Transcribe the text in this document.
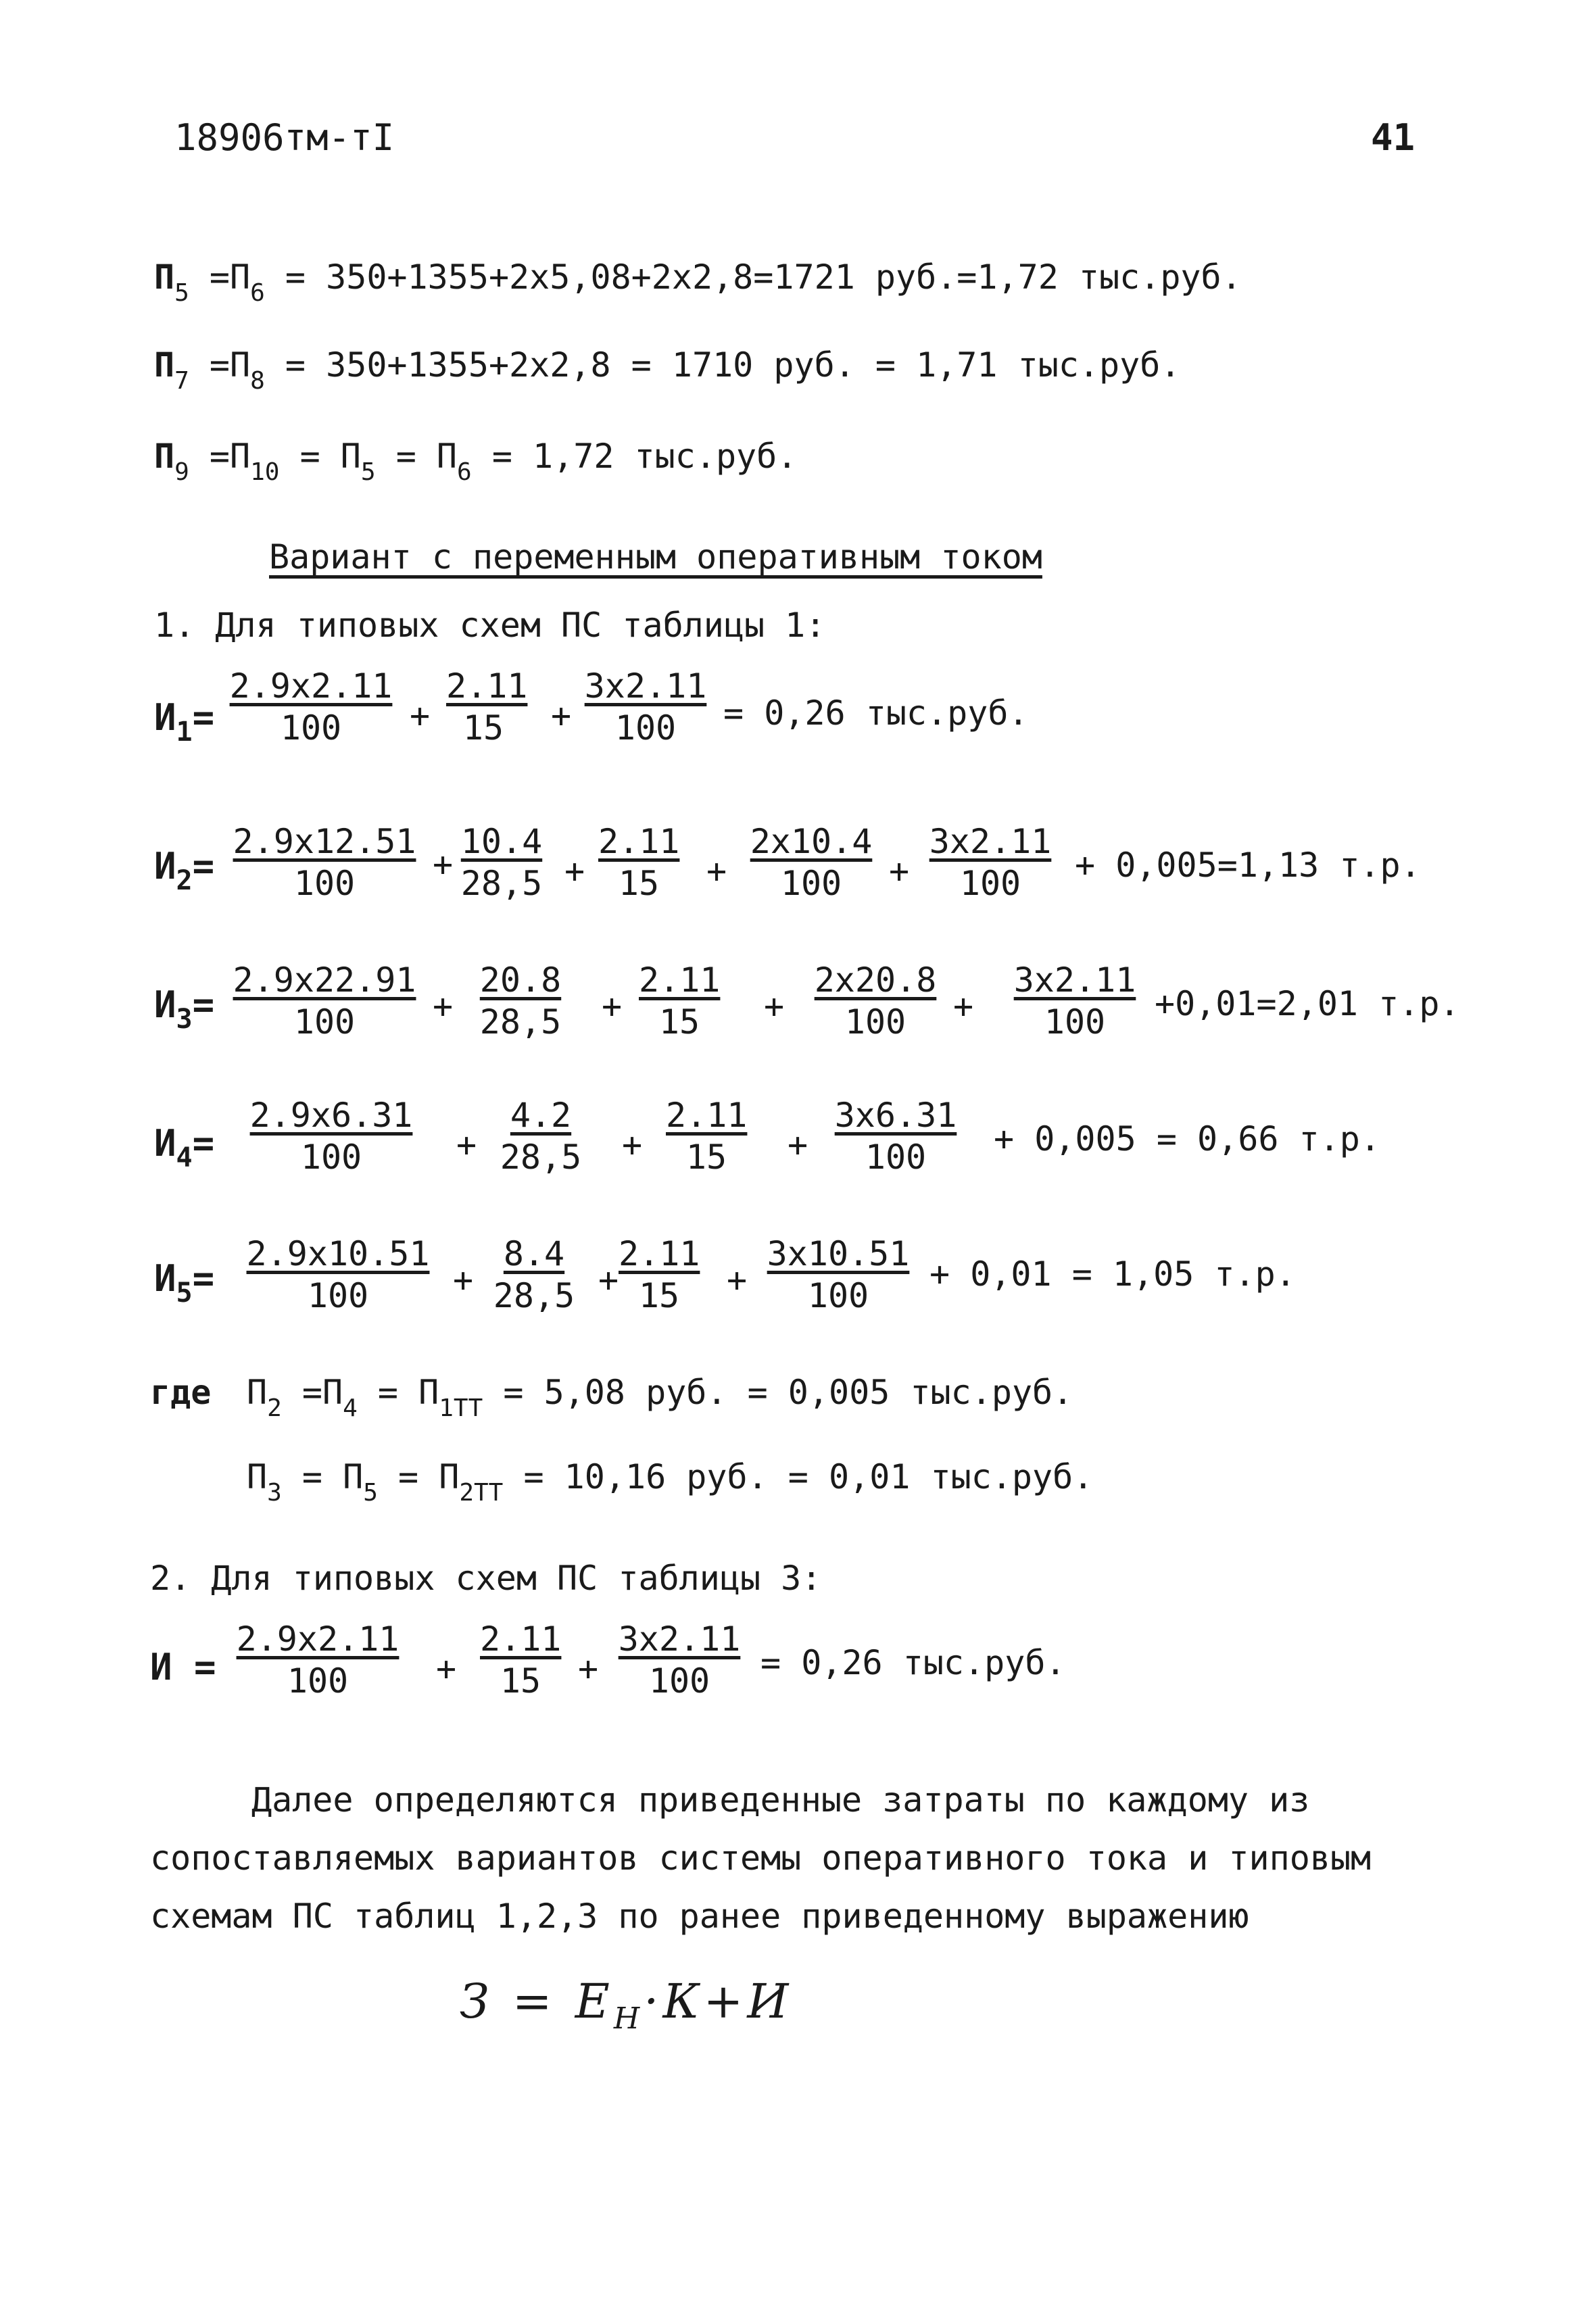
18906тм-тI	41
$П_5 =П_6 = 350+1355+2x5,08+2x2,8=1721$ руб.=1,72 тыс.руб.
$П_7 =П_8 = 350+1355+2x2,8 = 1710$ руб. = 1,71 тыс.руб.
$П_9 =П_{10} = П_5 = П_6 = 1,72$ тыс.руб.
Вариант с переменным оперативным током
1. Для типовых схем ПС таблицы 1:
$И_1= \frac{2.9x2.11}{100} + \frac{2.11}{15} + \frac{3x2.11}{100} = 0,26$ тыс.руб.
$И_2= \frac{2.9x12.51}{100} + \frac{10.4}{28,5} + \frac{2.11}{15} + \frac{2x10.4}{100} + \frac{3x2.11}{100} + 0,005=1,13$ т.р.
$И_3= \frac{2.9x22.91}{100} + \frac{20.8}{28,5} + \frac{2.11}{15} + \frac{2x20.8}{100} + \frac{3x2.11}{100} +0,01=2,01$ т.р.
$И_4= \frac{2.9x6.31}{100} + \frac{4.2}{28,5} + \frac{2.11}{15} + \frac{3x6.31}{100} + 0,005 = 0,66$ т.р.
$И_5= \frac{2.9x10.51}{100} + \frac{8.4}{28,5} + \frac{2.11}{15} + \frac{3x10.51}{100} + 0,01 = 1,05$ т.р.
где $П_2 =П_4 = П_{1ТТ} = 5,08$ руб. = 0,005 тыс.руб.
$П_3 = П_5 = П_{2ТТ} = 10,16$ руб. = 0,01 тыс.руб.
2. Для типовых схем ПС таблицы 3:
$И = \frac{2.9x2.11}{100} + \frac{2.11}{15} + \frac{3x2.11}{100} = 0,26$ тыс.руб.
Далее определяются приведенные затраты по каждому из сопоставляемых вариантов системы оперативного тока и типовым схемам ПС таблиц 1,2,3 по ранее приведенному выражению
$З = Е_Н\cdot К+И$
